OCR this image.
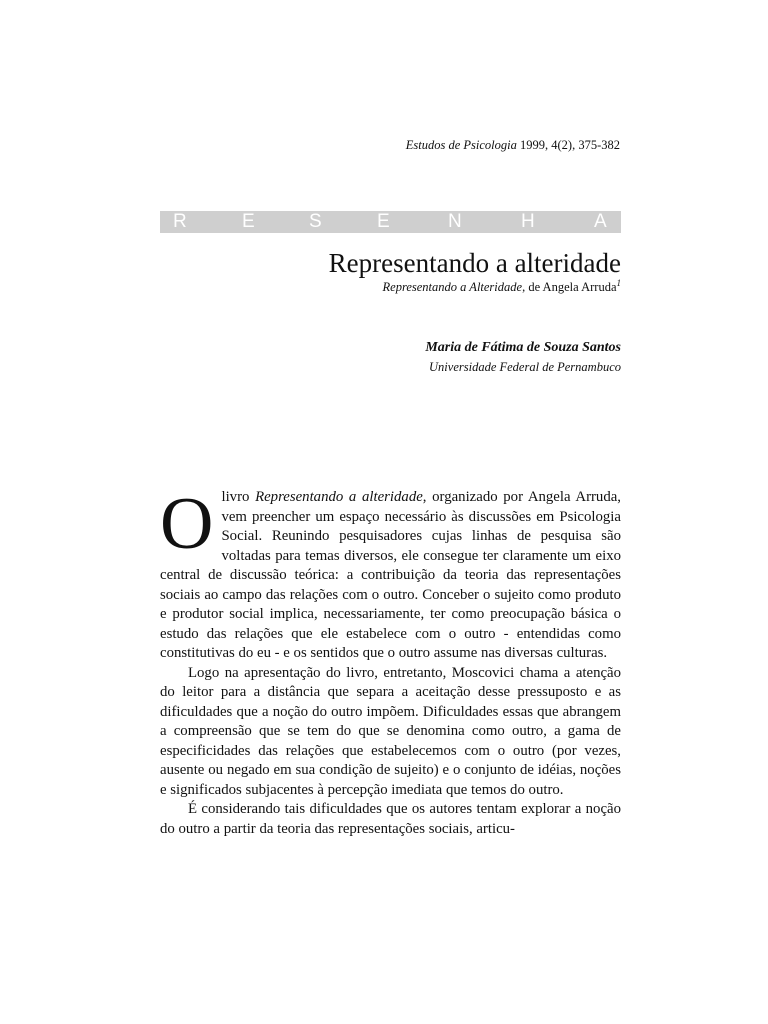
Estudos de Psicologia 1999, 4(2), 375-382
R	E	S	E	N	H	A
Representando a alteridade
Representando a Alteridade, de Angela Arruda$^1$
Maria de Fátima de Souza Santos
Universidade Federal de Pernambuco

O livro Representando a alteridade, organizado por Angela Arruda, vem preencher um espaço necessário às discussões em Psicologia Social. Reunindo pesquisadores cujas linhas de pesquisa são voltadas para temas diversos, ele consegue ter claramente um eixo central de discussão teórica: a contribuição da teoria das representações sociais ao campo das relações com o outro. Conceber o sujeito como produto e produtor social implica, necessariamente, ter como preocupação básica o estudo das relações que ele estabelece com o outro - entendidas como constitutivas do eu - e os sentidos que o outro assume nas diversas culturas.

Logo na apresentação do livro, entretanto, Moscovici chama a atenção do leitor para a distância que separa a aceitação desse pressuposto e as dificuldades que a noção do outro impõem. Dificuldades essas que abrangem a compreensão que se tem do que se denomina como outro, a gama de especificidades das relações que estabelecemos com o outro (por vezes, ausente ou negado em sua condição de sujeito) e o conjunto de idéias, noções e significados subjacentes à percepção imediata que temos do outro.

É considerando tais dificuldades que os autores tentam explorar a noção do outro a partir da teoria das representações sociais, articu-
